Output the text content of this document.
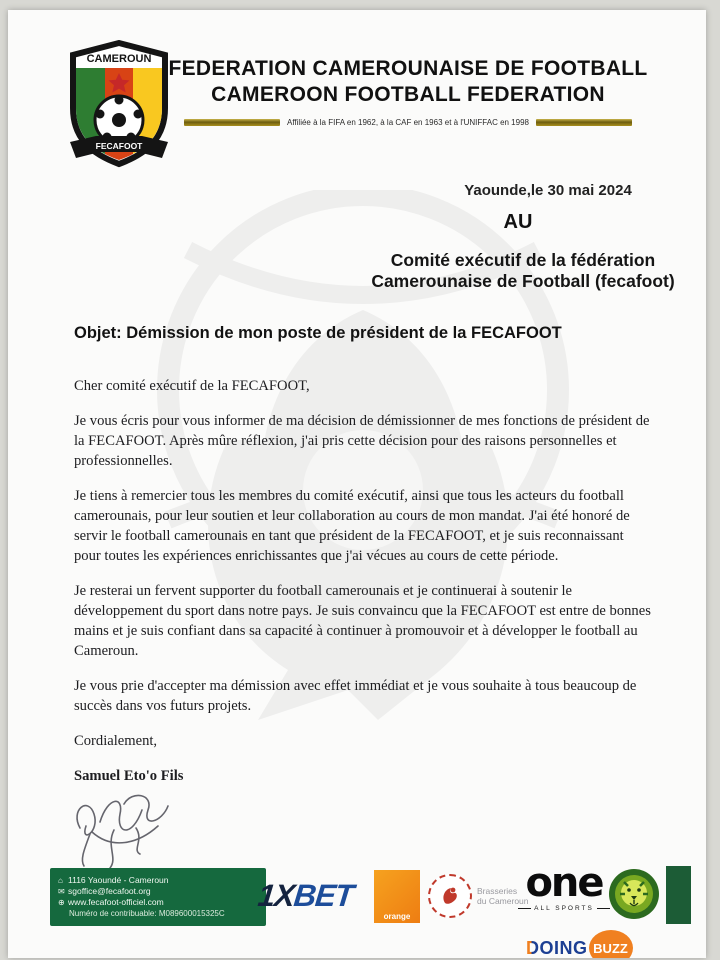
CAMEROUN
FECAFOOT
FEDERATION CAMEROUNAISE DE FOOTBALL
CAMEROON FOOTBALL FEDERATION
Affiliée à la FIFA en 1962, à la CAF en 1963 et à l'UNIFFAC en 1998
Yaounde,le 30 mai 2024
AU
Comité exécutif de la fédération
Camerounaise de Football (fecafoot)
Objet: Démission de mon poste de président de la FECAFOOT

Cher comité exécutif de la FECAFOOT,

Je vous écris pour vous informer de ma décision de démissionner de mes fonctions de président de la FECAFOOT. Après mûre réflexion, j'ai pris cette décision pour des raisons personnelles et professionnelles.

Je tiens à remercier tous les membres du comité exécutif, ainsi que tous les acteurs du football camerounais, pour leur soutien et leur collaboration au cours de mon mandat. J'ai été honoré de servir le football camerounais en tant que président de la FECAFOOT, et je suis reconnaissant pour toutes les expériences enrichissantes que j'ai vécues au cours de cette période.

Je resterai un fervent supporter du football camerounais et je continuerai à soutenir le développement du sport dans notre pays. Je suis convaincu que la FECAFOOT est entre de bonnes mains et je suis confiant dans sa capacité à continuer à promouvoir et à développer le football au Cameroun.

Je vous prie d'accepter ma démission avec effet immédiat et je vous souhaite à tous beaucoup de succès dans vos futurs projets.

Cordialement,

Samuel Eto'o Fils

⌂ 1116 Yaoundé - Cameroun
✉ sgoffice@fecafoot.org
⊕ www.fecafoot-officiel.com
Numéro de contribuable: M089600015325C
1XBET
orange
Brasseries
du Cameroun
one
ALL SPORTS
DOING BUZZ
